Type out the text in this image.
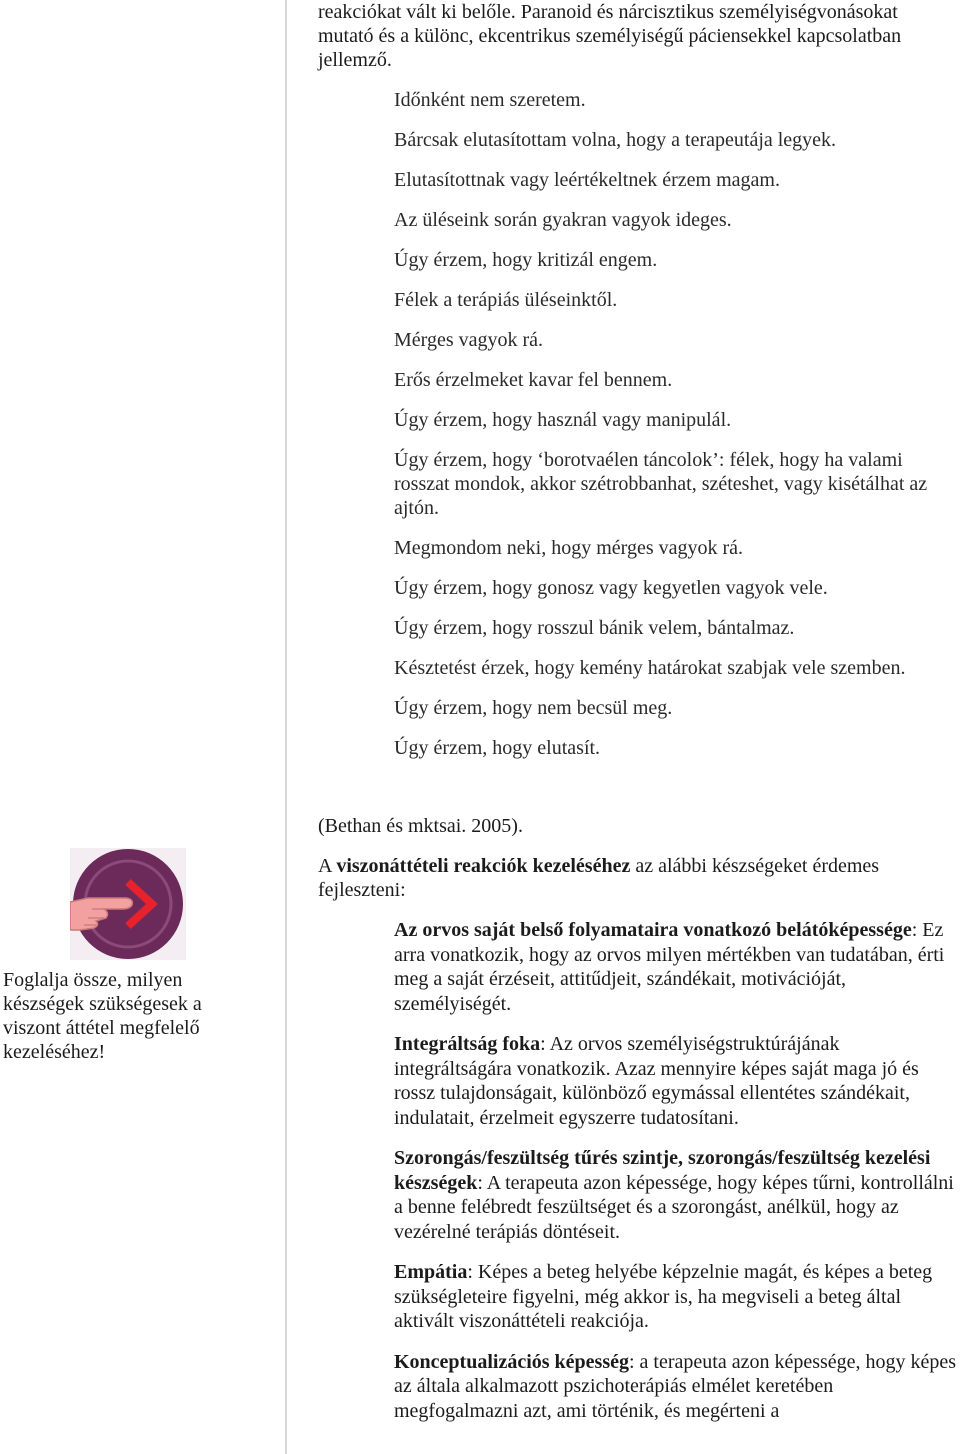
reakciókat vált ki belőle. Paranoid és nárcisztikus személyiségvonásokat mutató és a különc, ekcentrikus személyiségű páciensekkel kapcsolatban jellemző.

Időnként nem szeretem.
Bárcsak elutasítottam volna, hogy a terapeutája legyek.
Elutasítottnak vagy leértékeltnek érzem magam.
Az üléseink során gyakran vagyok ideges.
Úgy érzem, hogy kritizál engem.
Félek a terápiás üléseinktől.
Mérges vagyok rá.
Erős érzelmeket kavar fel bennem.
Úgy érzem, hogy használ vagy manipulál.
Úgy érzem, hogy ‘borotvaélen táncolok’: félek, hogy ha valami rosszat mondok, akkor szétrobbanhat, széteshet, vagy kisétálhat az ajtón.
Megmondom neki, hogy mérges vagyok rá.
Úgy érzem, hogy gonosz vagy kegyetlen vagyok vele.
Úgy érzem, hogy rosszul bánik velem, bántalmaz.
Késztetést érzek, hogy kemény határokat szabjak vele szemben.
Úgy érzem, hogy nem becsül meg.
Úgy érzem, hogy elutasít.

(Bethan és mktsai. 2005).

A viszonáttételi reakciók kezeléséhez az alábbi készségeket érdemes fejleszteni:

Az orvos saját belső folyamataira vonatkozó belátóképessége: Ez arra vonatkozik, hogy az orvos milyen mértékben van tudatában, érti meg a saját érzéseit, attitűdjeit, szándékait, motivációját, személyiségét.
Integráltság foka: Az orvos személyiségstruktúrájának integráltságára vonatkozik. Azaz mennyire képes saját maga jó és rossz tulajdonságait, különböző egymással ellentétes szándékait, indulatait, érzelmeit egyszerre tudatosítani.
Szorongás/feszültség tűrés szintje, szorongás/feszültség kezelési készségek: A terapeuta azon képessége, hogy képes tűrni, kontrollálni a benne felébredt feszültséget és a szorongást, anélkül, hogy az vezérelné terápiás döntéseit.
Empátia: Képes a beteg helyébe képzelnie magát, és képes a beteg szükségleteire figyelni, még akkor is, ha megviseli a beteg által aktivált viszonáttételi reakciója.
Konceptualizációs képesség: a terapeuta azon képessége, hogy képes az általa alkalmazott pszichoterápiás elmélet keretében megfogalmazni azt, ami történik, és megérteni a

Foglalja össze, milyen készségek szükségesek a viszont áttétel megfelelő kezeléséhez!
